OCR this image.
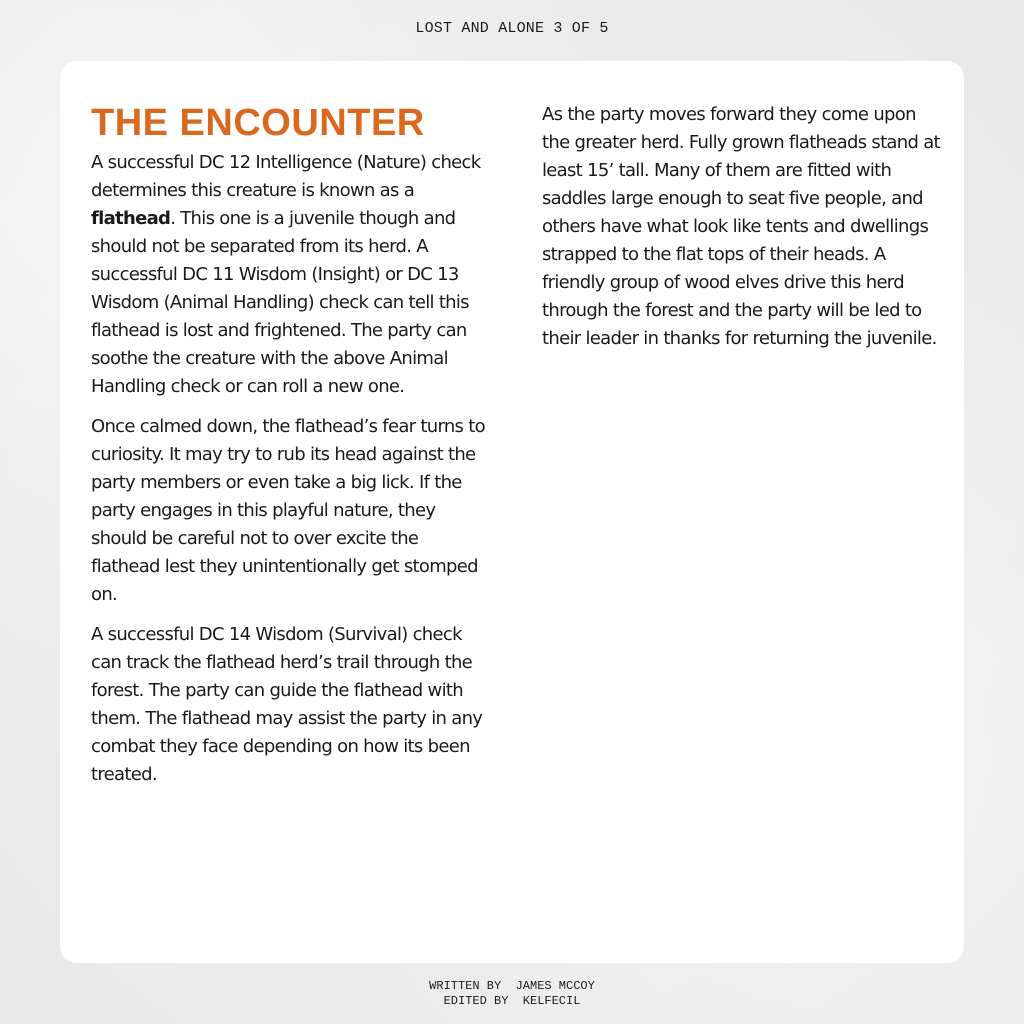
LOST AND ALONE 3 OF 5
THE ENCOUNTER

A successful DC 12 Intelligence (Nature) check determines this creature is known as a flathead. This one is a juvenile though and should not be separated from its herd. A successful DC 11 Wisdom (Insight) or DC 13 Wisdom (Animal Handling) check can tell this flathead is lost and frightened. The party can soothe the creature with the above Animal Handling check or can roll a new one.

Once calmed down, the flathead’s fear turns to curiosity. It may try to rub its head against the party members or even take a big lick. If the party engages in this playful nature, they should be careful not to over excite the flathead lest they unintentionally get stomped on.

A successful DC 14 Wisdom (Survival) check can track the flathead herd’s trail through the forest. The party can guide the flathead with them. The flathead may assist the party in any combat they face depending on how its been treated.

As the party moves forward they come upon the greater herd. Fully grown flatheads stand at least 15’ tall. Many of them are fitted with saddles large enough to seat five people, and others have what look like tents and dwellings strapped to the flat tops of their heads. A friendly group of wood elves drive this herd through the forest and the party will be led to their leader in thanks for returning the juvenile.

WRITTEN BY  JAMES MCCOY
EDITED BY  KELFECIL
